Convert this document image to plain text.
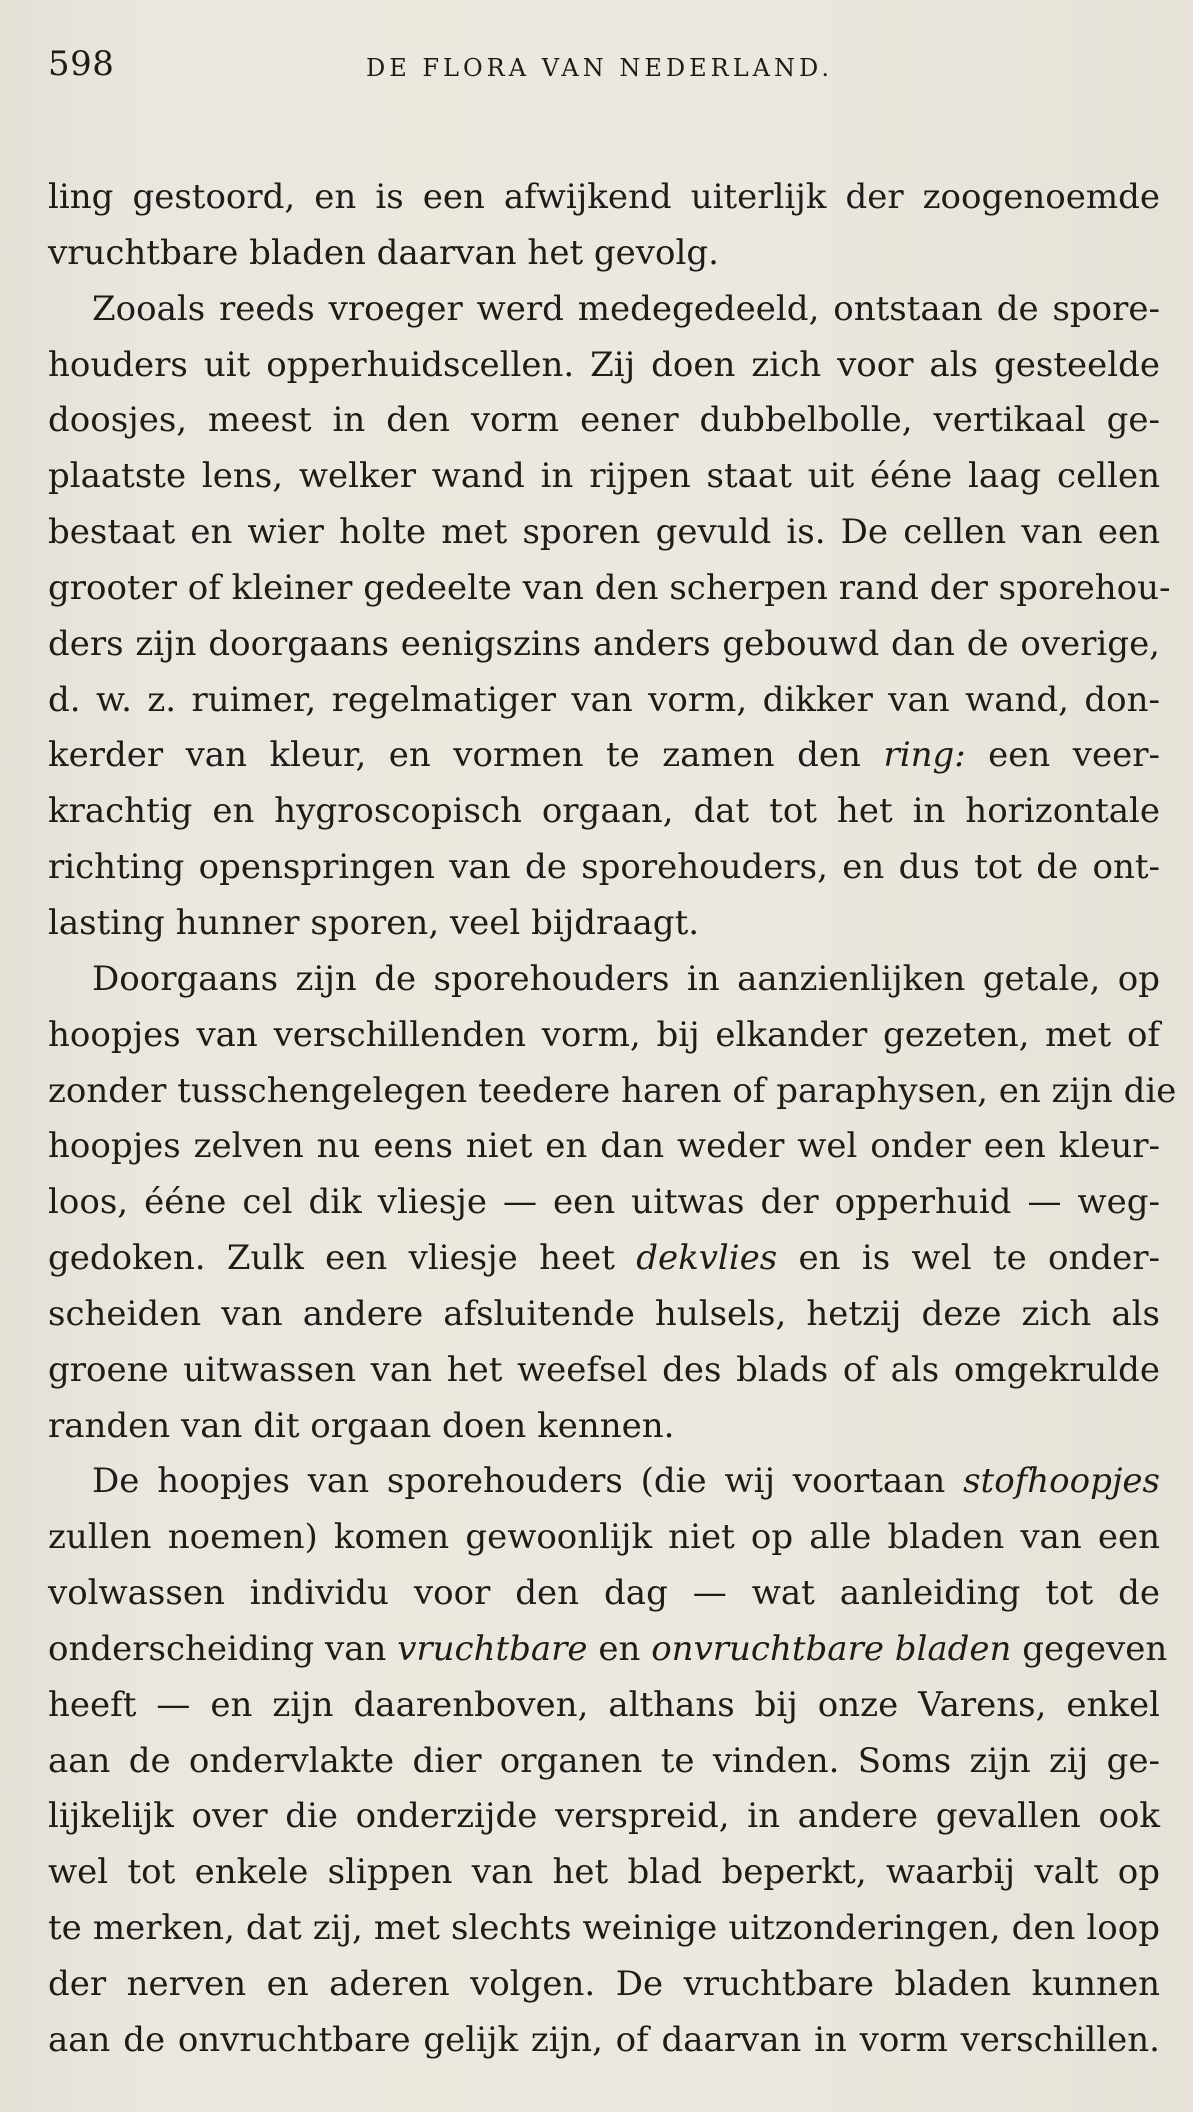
598	DE FLORA VAN NEDERLAND.
ling gestoord, en is een afwijkend uiterlijk der zoogenoemde
vruchtbare bladen daarvan het gevolg.
Zooals reeds vroeger werd medegedeeld, ontstaan de spore-
houders uit opperhuidscellen. Zij doen zich voor als gesteelde
doosjes, meest in den vorm eener dubbelbolle, vertikaal ge-
plaatste lens, welker wand in rijpen staat uit ééne laag cellen
bestaat en wier holte met sporen gevuld is. De cellen van een
grooter of kleiner gedeelte van den scherpen rand der sporehou-
ders zijn doorgaans eenigszins anders gebouwd dan de overige,
d. w. z. ruimer, regelmatiger van vorm, dikker van wand, don-
kerder van kleur, en vormen te zamen den ring: een veer-
krachtig en hygroscopisch orgaan, dat tot het in horizontale
richting openspringen van de sporehouders, en dus tot de ont-
lasting hunner sporen, veel bijdraagt.
Doorgaans zijn de sporehouders in aanzienlijken getale, op
hoopjes van verschillenden vorm, bij elkander gezeten, met of
zonder tusschengelegen teedere haren of paraphysen, en zijn die
hoopjes zelven nu eens niet en dan weder wel onder een kleur-
loos, ééne cel dik vliesje — een uitwas der opperhuid — weg-
gedoken. Zulk een vliesje heet dekvlies en is wel te onder-
scheiden van andere afsluitende hulsels, hetzij deze zich als
groene uitwassen van het weefsel des blads of als omgekrulde
randen van dit orgaan doen kennen.
De hoopjes van sporehouders (die wij voortaan stofhoopjes
zullen noemen) komen gewoonlijk niet op alle bladen van een
volwassen individu voor den dag — wat aanleiding tot de
onderscheiding van vruchtbare en onvruchtbare bladen gegeven
heeft — en zijn daarenboven, althans bij onze Varens, enkel
aan de ondervlakte dier organen te vinden. Soms zijn zij ge-
lijkelijk over die onderzijde verspreid, in andere gevallen ook
wel tot enkele slippen van het blad beperkt, waarbij valt op
te merken, dat zij, met slechts weinige uitzonderingen, den loop
der nerven en aderen volgen. De vruchtbare bladen kunnen
aan de onvruchtbare gelijk zijn, of daarvan in vorm verschillen.
